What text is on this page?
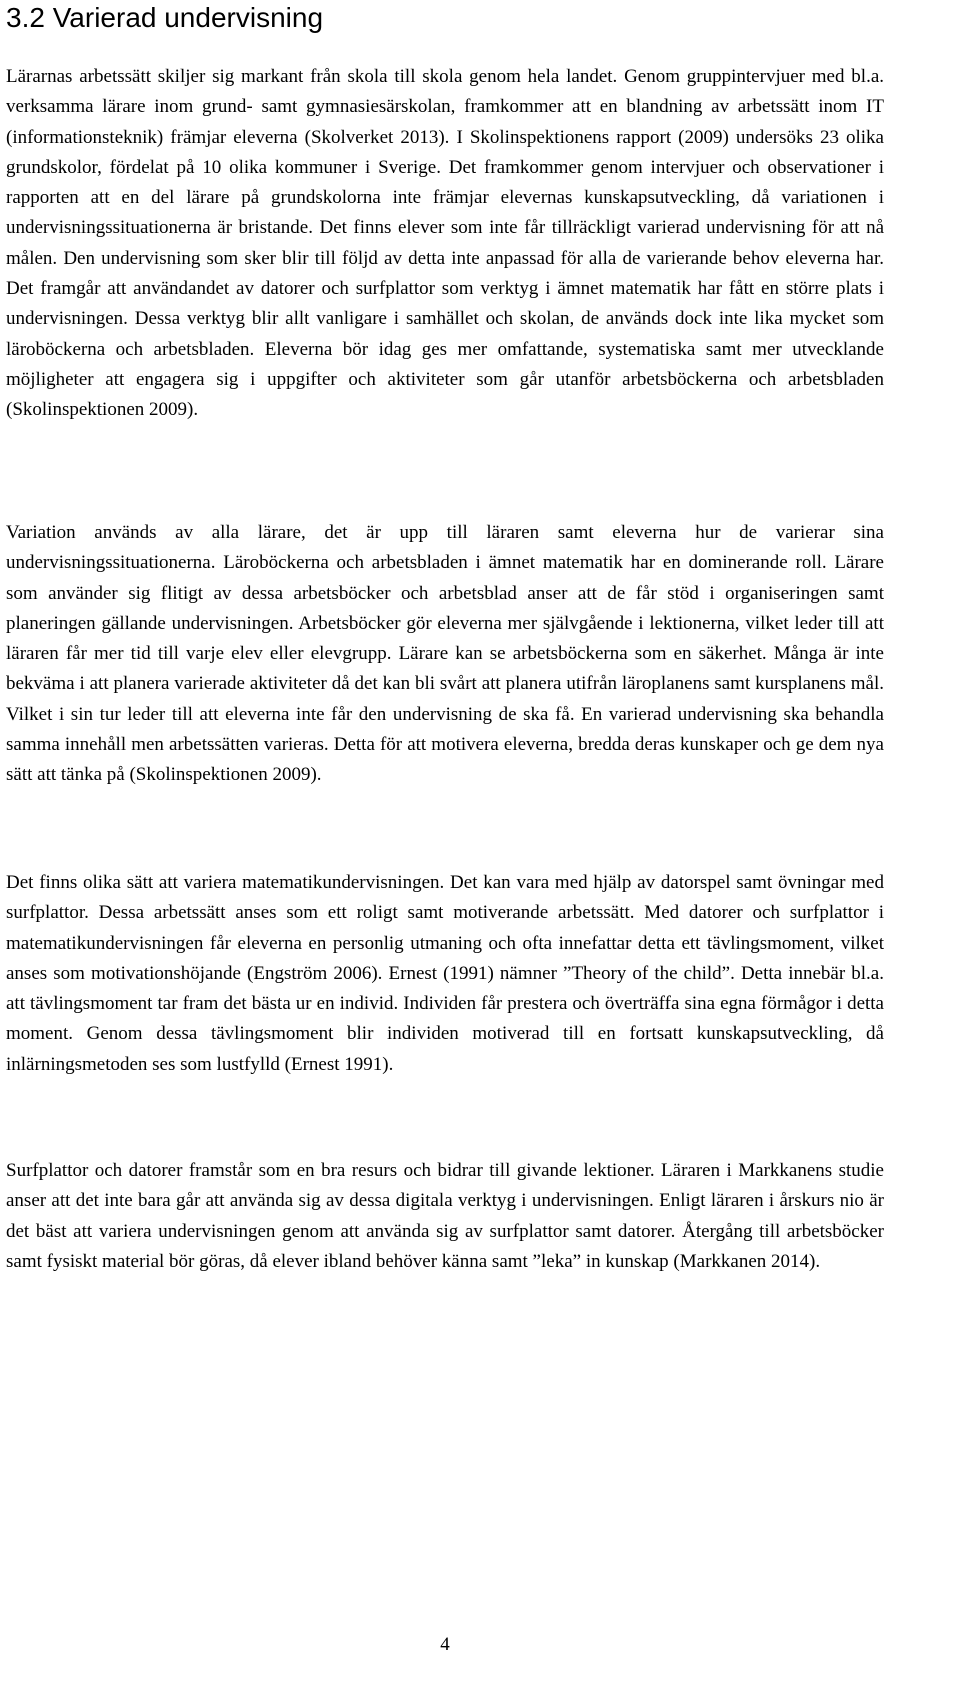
3.2 Varierad undervisning

Lärarnas arbetssätt skiljer sig markant från skola till skola genom hela landet. Genom gruppintervjuer med bl.a. verksamma lärare inom grund- samt gymnasiesärskolan, framkommer att en blandning av arbetssätt inom IT (informationsteknik) främjar eleverna (Skolverket 2013). I Skolinspektionens rapport (2009) undersöks 23 olika grundskolor, fördelat på 10 olika kommuner i Sverige. Det framkommer genom intervjuer och observationer i rapporten att en del lärare på grundskolorna inte främjar elevernas kunskapsutveckling, då variationen i undervisningssituationerna är bristande. Det finns elever som inte får tillräckligt varierad undervisning för att nå målen. Den undervisning som sker blir till följd av detta inte anpassad för alla de varierande behov eleverna har. Det framgår att användandet av datorer och surfplattor som verktyg i ämnet matematik har fått en större plats i undervisningen. Dessa verktyg blir allt vanligare i samhället och skolan, de används dock inte lika mycket som läroböckerna och arbetsbladen. Eleverna bör idag ges mer omfattande, systematiska samt mer utvecklande möjligheter att engagera sig i uppgifter och aktiviteter som går utanför arbetsböckerna och arbetsbladen (Skolinspektionen 2009).

Variation används av alla lärare, det är upp till läraren samt eleverna hur de varierar sina undervisningssituationerna. Läroböckerna och arbetsbladen i ämnet matematik har en dominerande roll. Lärare som använder sig flitigt av dessa arbetsböcker och arbetsblad anser att de får stöd i organiseringen samt planeringen gällande undervisningen. Arbetsböcker gör eleverna mer självgående i lektionerna, vilket leder till att läraren får mer tid till varje elev eller elevgrupp. Lärare kan se arbetsböckerna som en säkerhet. Många är inte bekväma i att planera varierade aktiviteter då det kan bli svårt att planera utifrån läroplanens samt kursplanens mål. Vilket i sin tur leder till att eleverna inte får den undervisning de ska få. En varierad undervisning ska behandla samma innehåll men arbetssätten varieras. Detta för att motivera eleverna, bredda deras kunskaper och ge dem nya sätt att tänka på (Skolinspektionen 2009).

Det finns olika sätt att variera matematikundervisningen. Det kan vara med hjälp av datorspel samt övningar med surfplattor. Dessa arbetssätt anses som ett roligt samt motiverande arbetssätt. Med datorer och surfplattor i matematikundervisningen får eleverna en personlig utmaning och ofta innefattar detta ett tävlingsmoment, vilket anses som motivationshöjande (Engström 2006). Ernest (1991) nämner ”Theory of the child”. Detta innebär bl.a. att tävlingsmoment tar fram det bästa ur en individ. Individen får prestera och överträffa sina egna förmågor i detta moment. Genom dessa tävlingsmoment blir individen motiverad till en fortsatt kunskapsutveckling, då inlärningsmetoden ses som lustfylld (Ernest 1991).

Surfplattor och datorer framstår som en bra resurs och bidrar till givande lektioner. Läraren i Markkanens studie anser att det inte bara går att använda sig av dessa digitala verktyg i undervisningen. Enligt läraren i årskurs nio är det bäst att variera undervisningen genom att använda sig av surfplattor samt datorer. Återgång till arbetsböcker samt fysiskt material bör göras, då elever ibland behöver känna samt ”leka” in kunskap (Markkanen 2014).

4
